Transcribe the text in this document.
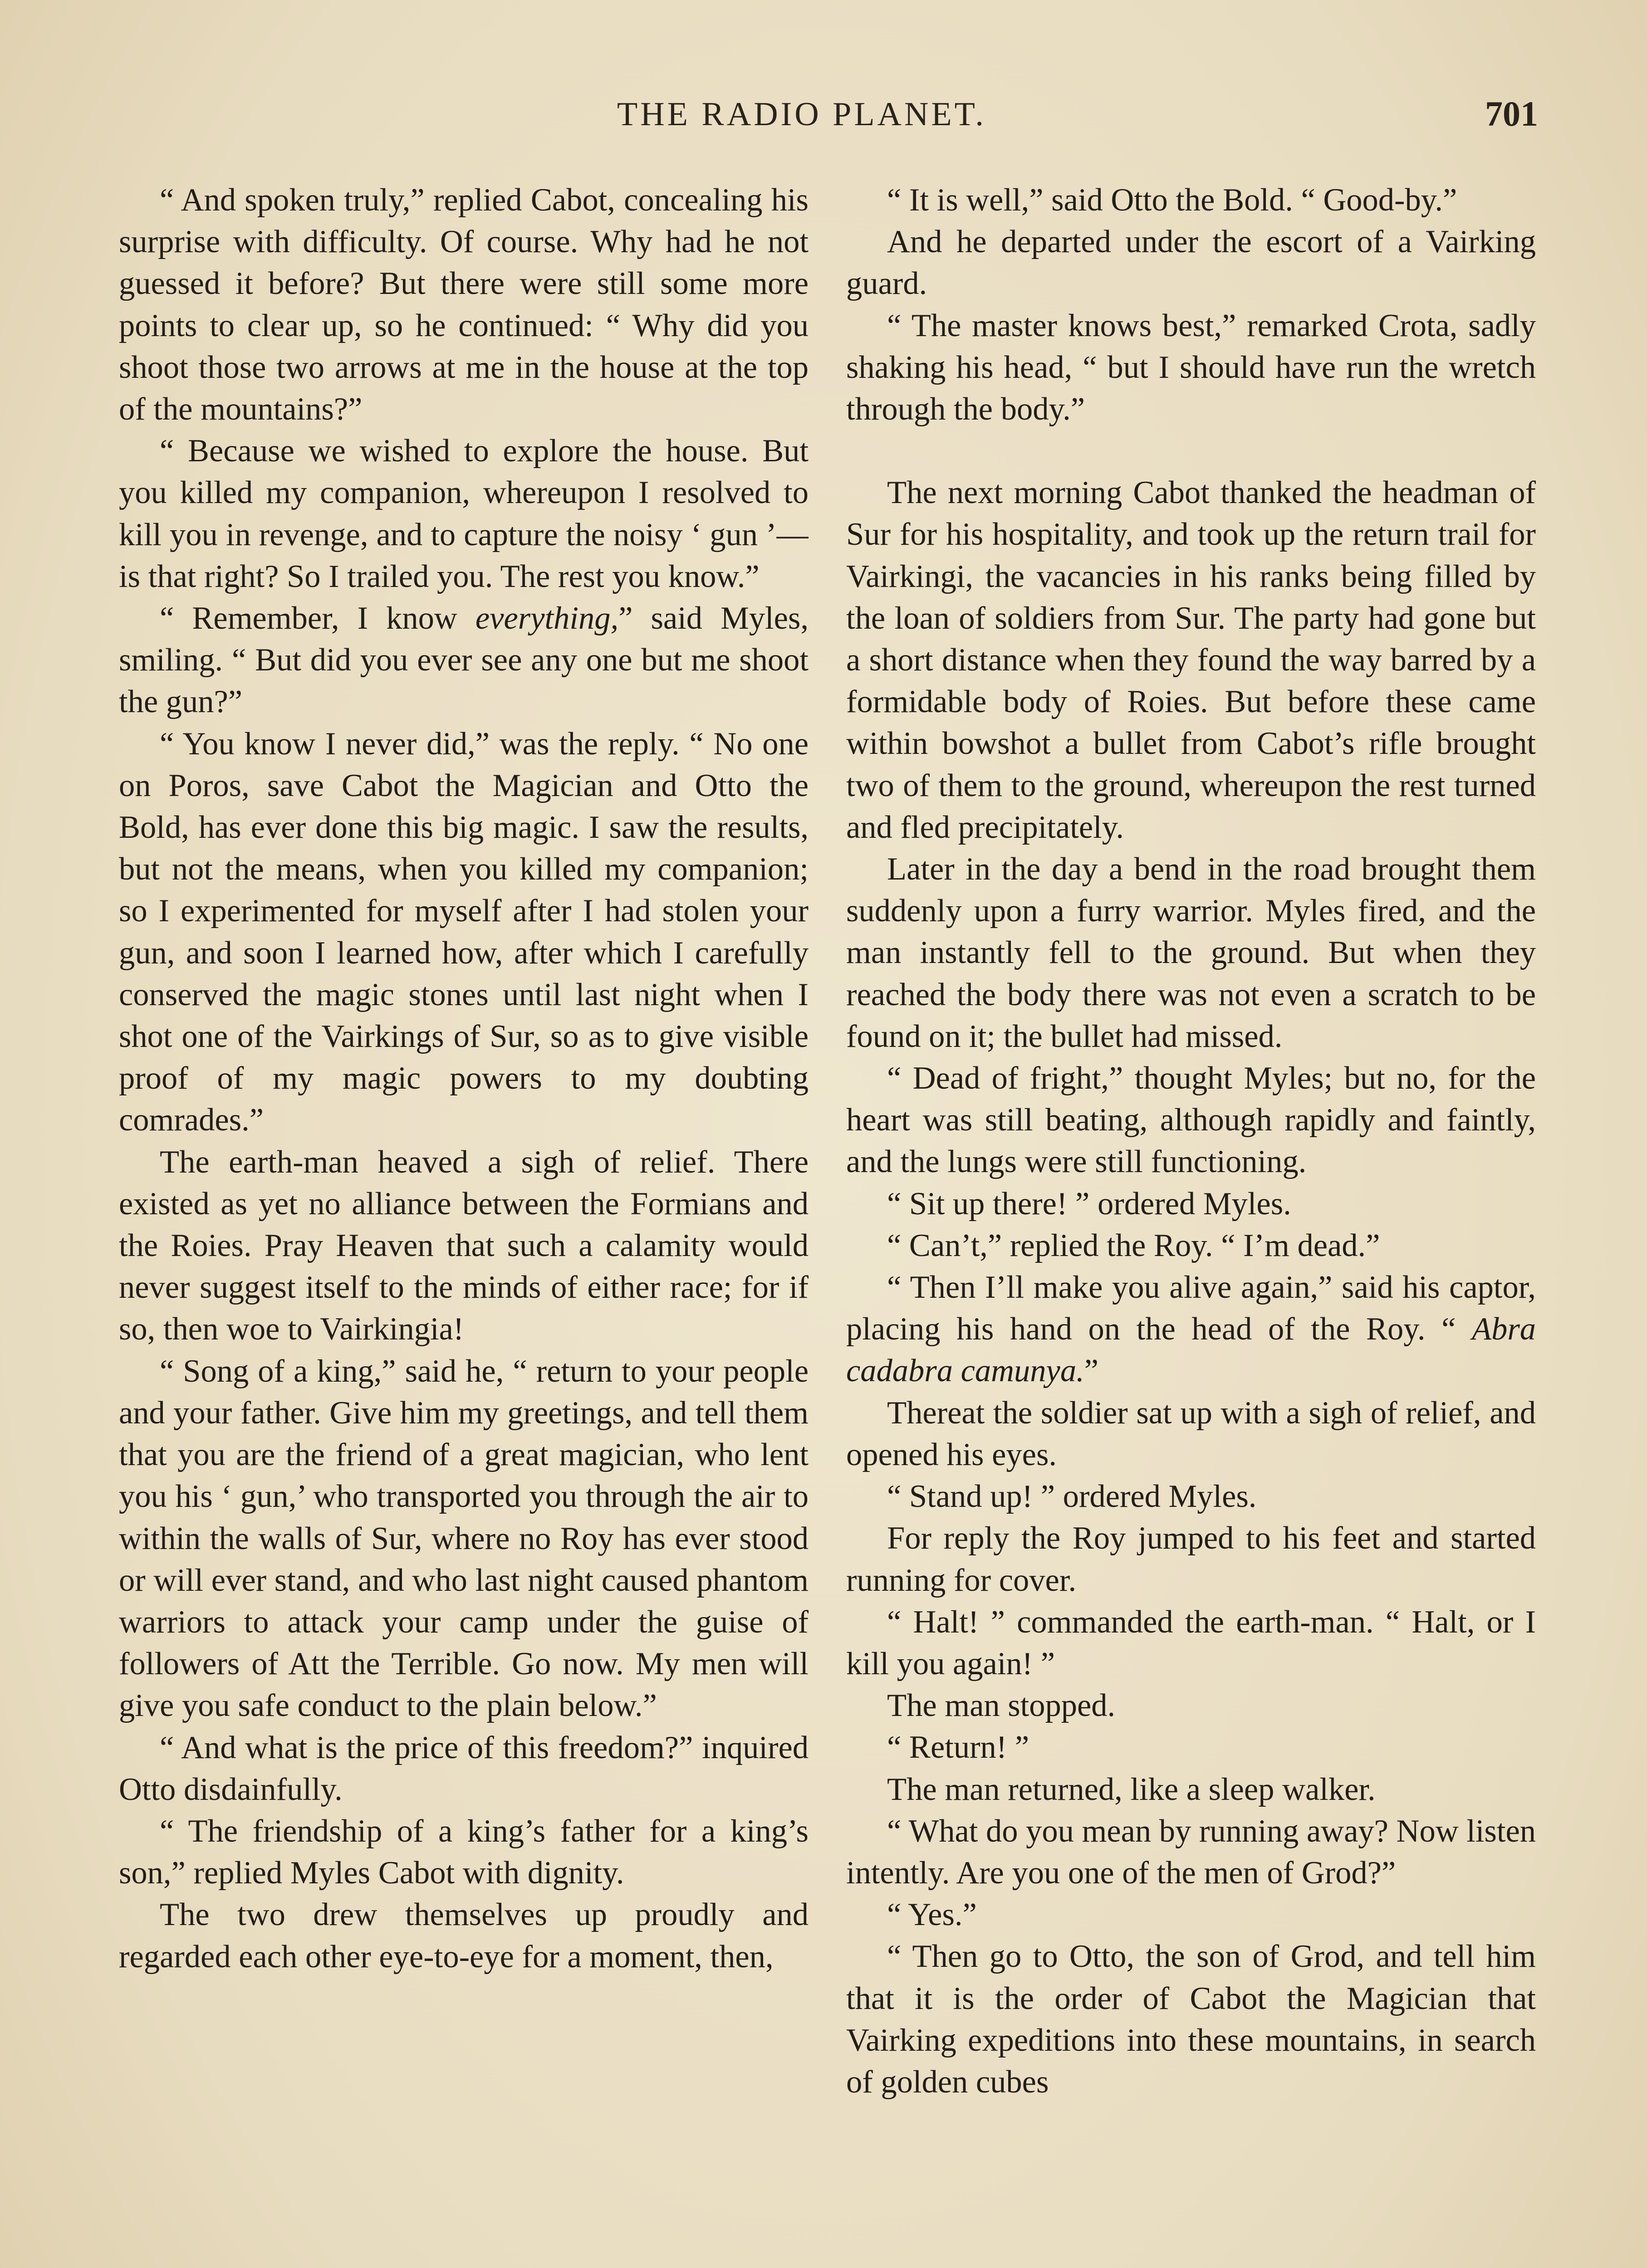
THE RADIO PLANET.	701

“ And spoken truly,” replied Cabot, concealing his surprise with difficulty. Of course. Why had he not guessed it before? But there were still some more points to clear up, so he continued: “ Why did you shoot those two arrows at me in the house at the top of the mountains?”

“ Because we wished to explore the house. But you killed my companion, whereupon I resolved to kill you in revenge, and to capture the noisy ‘ gun ’—is that right? So I trailed you. The rest you know.”

“ Remember, I know everything,” said Myles, smiling. “ But did you ever see any one but me shoot the gun?”

“ You know I never did,” was the reply. “ No one on Poros, save Cabot the Magician and Otto the Bold, has ever done this big magic. I saw the results, but not the means, when you killed my companion; so I experimented for myself after I had stolen your gun, and soon I learned how, after which I carefully conserved the magic stones until last night when I shot one of the Vairkings of Sur, so as to give visible proof of my magic powers to my doubting comrades.”

The earth-man heaved a sigh of relief. There existed as yet no alliance between the Formians and the Roies. Pray Heaven that such a calamity would never suggest itself to the minds of either race; for if so, then woe to Vairkingia!

“ Song of a king,” said he, “ return to your people and your father. Give him my greetings, and tell them that you are the friend of a great magician, who lent you his ‘ gun,’ who transported you through the air to within the walls of Sur, where no Roy has ever stood or will ever stand, and who last night caused phantom warriors to attack your camp under the guise of followers of Att the Terrible. Go now. My men will give you safe conduct to the plain below.”

“ And what is the price of this freedom?” inquired Otto disdainfully.

“ The friendship of a king’s father for a king’s son,” replied Myles Cabot with dignity.

The two drew themselves up proudly and regarded each other eye-to-eye for a moment, then,

“ It is well,” said Otto the Bold. “ Good-by.”

And he departed under the escort of a Vairking guard.

“ The master knows best,” remarked Crota, sadly shaking his head, “ but I should have run the wretch through the body.”

The next morning Cabot thanked the headman of Sur for his hospitality, and took up the return trail for Vairkingi, the vacancies in his ranks being filled by the loan of soldiers from Sur. The party had gone but a short distance when they found the way barred by a formidable body of Roies. But before these came within bowshot a bullet from Cabot’s rifle brought two of them to the ground, whereupon the rest turned and fled precipitately.

Later in the day a bend in the road brought them suddenly upon a furry warrior. Myles fired, and the man instantly fell to the ground. But when they reached the body there was not even a scratch to be found on it; the bullet had missed.

“ Dead of fright,” thought Myles; but no, for the heart was still beating, although rapidly and faintly, and the lungs were still functioning.

“ Sit up there! ” ordered Myles.

“ Can’t,” replied the Roy. “ I’m dead.”

“ Then I’ll make you alive again,” said his captor, placing his hand on the head of the Roy. “ Abra cadabra camunya.”

Thereat the soldier sat up with a sigh of relief, and opened his eyes.

“ Stand up! ” ordered Myles.

For reply the Roy jumped to his feet and started running for cover.

“ Halt! ” commanded the earth-man. “ Halt, or I kill you again! ”

The man stopped.

“ Return! ”

The man returned, like a sleep walker.

“ What do you mean by running away? Now listen intently. Are you one of the men of Grod?”

“ Yes.”

“ Then go to Otto, the son of Grod, and tell him that it is the order of Cabot the Magician that Vairking expeditions into these mountains, in search of golden cubes
